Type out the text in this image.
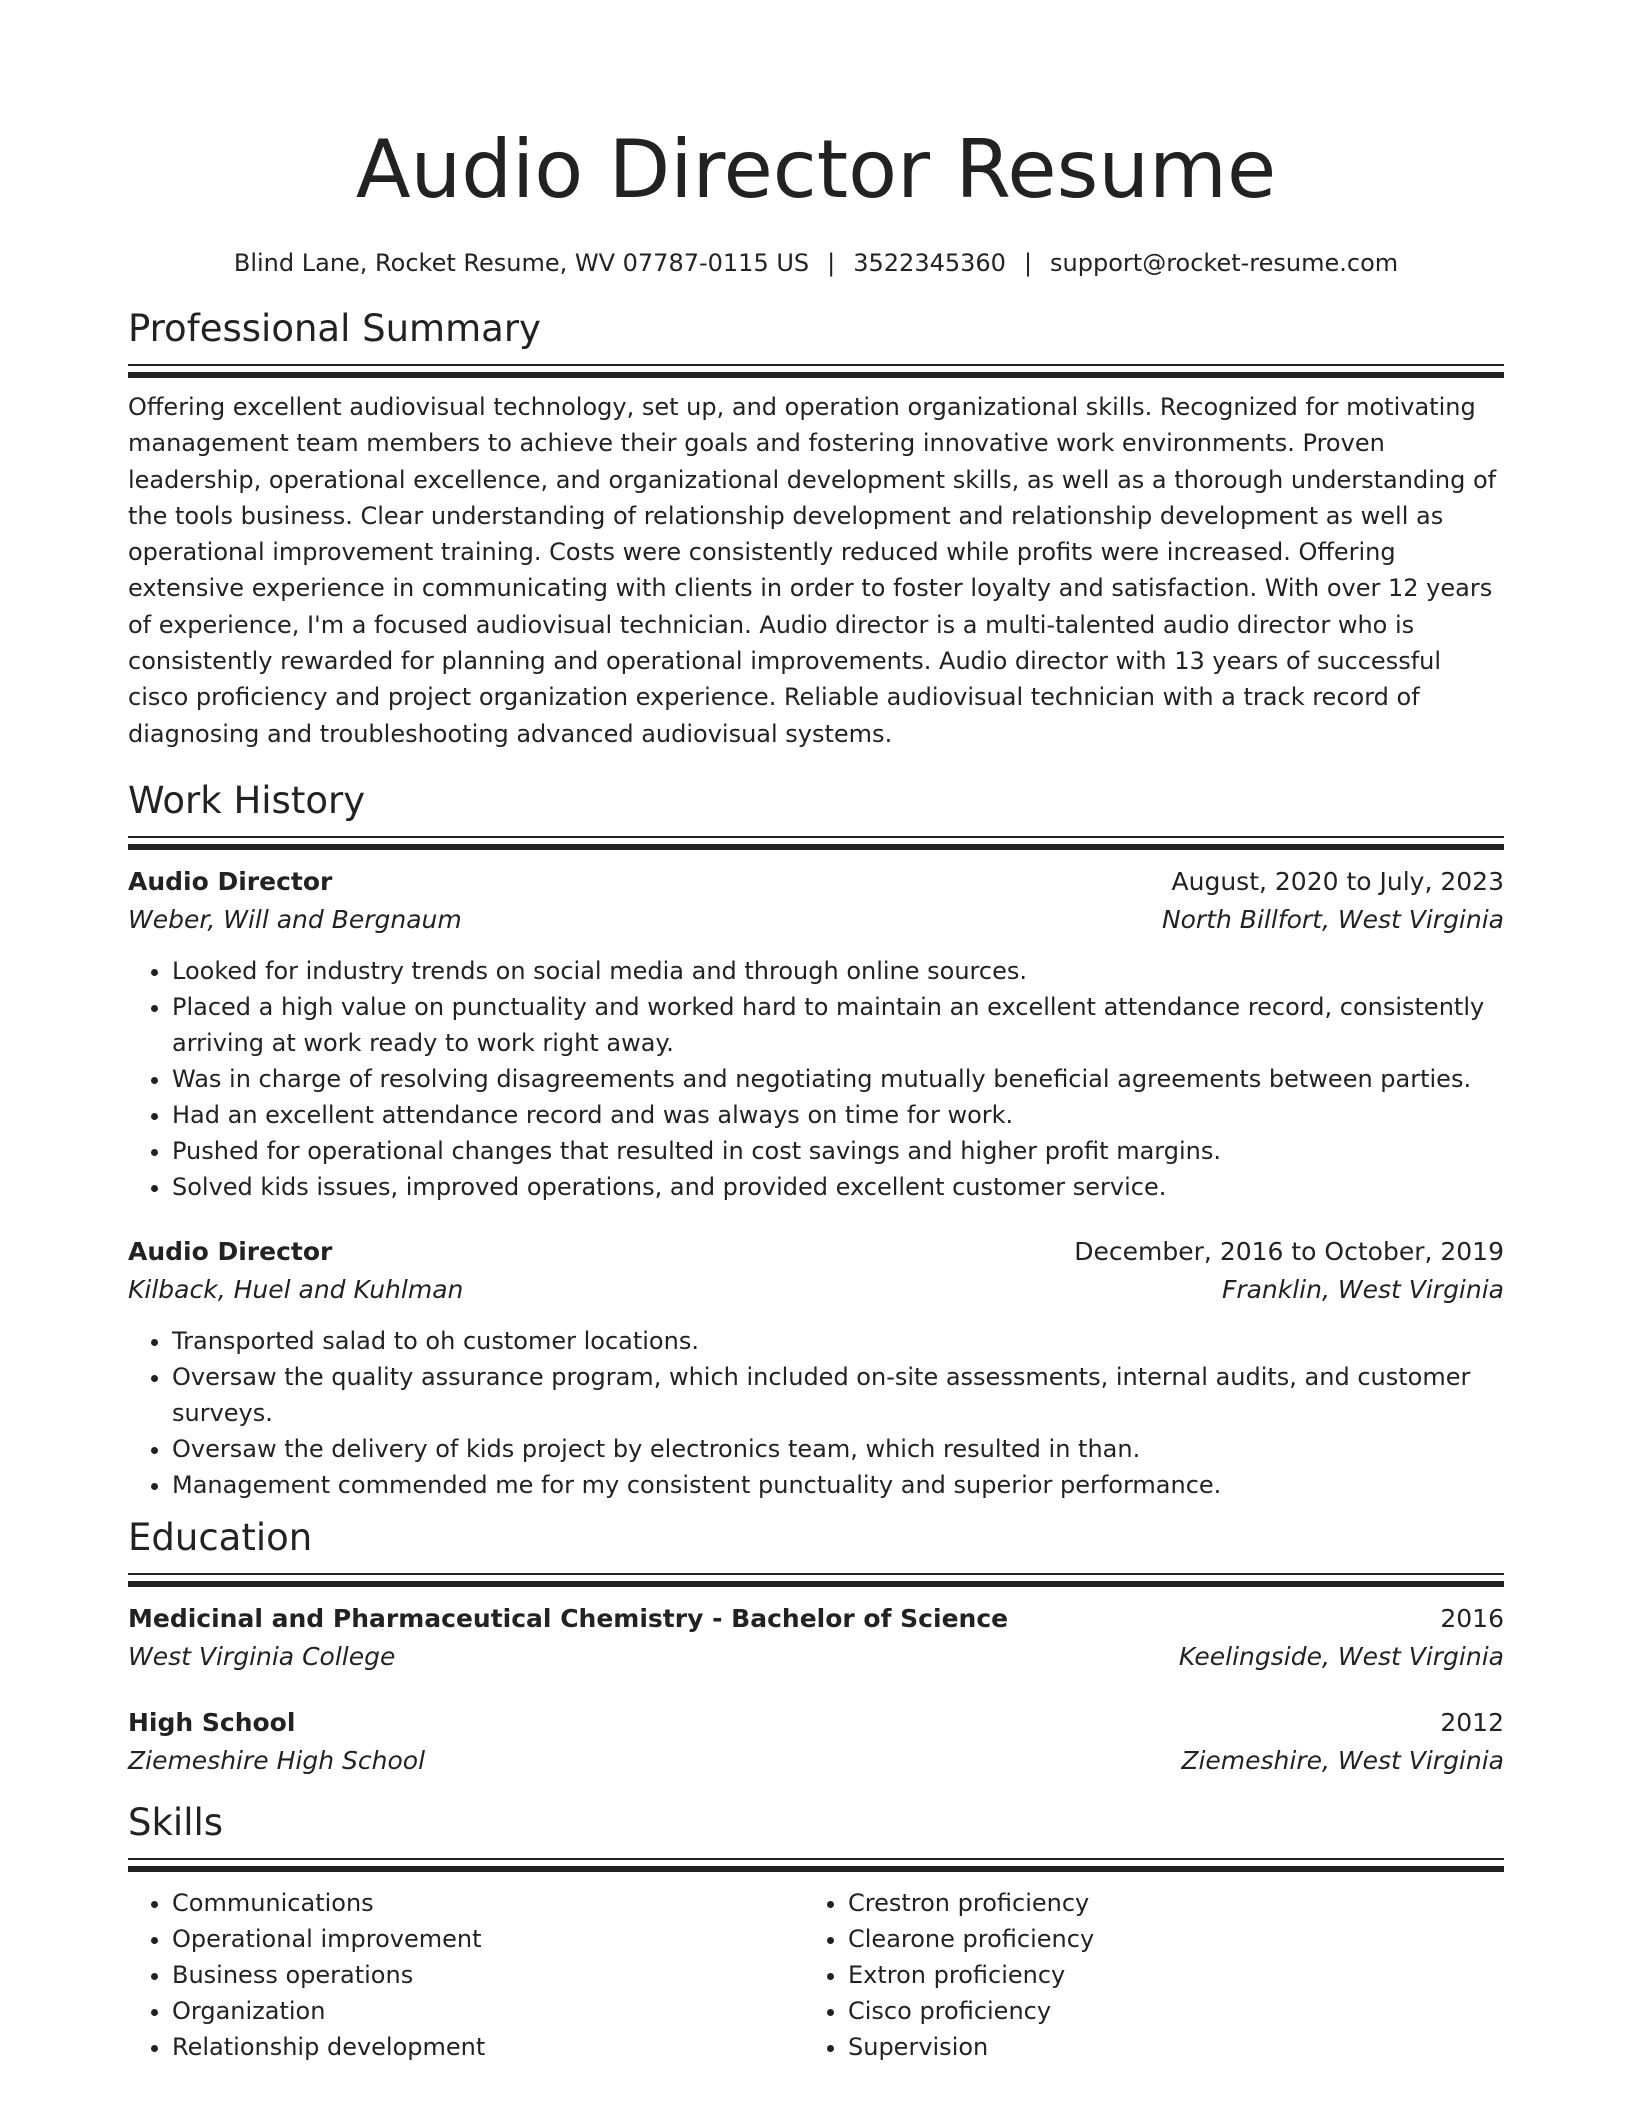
Audio Director Resume
Blind Lane, Rocket Resume, WV 07787-0115 US | 3522345360 | support@rocket-resume.com
Professional Summary
Offering excellent audiovisual technology, set up, and operation organizational skills. Recognized for motivating management team members to achieve their goals and fostering innovative work environments. Proven leadership, operational excellence, and organizational development skills, as well as a thorough understanding of the tools business. Clear understanding of relationship development and relationship development as well as operational improvement training. Costs were consistently reduced while profits were increased. Offering extensive experience in communicating with clients in order to foster loyalty and satisfaction. With over 12 years of experience, I'm a focused audiovisual technician. Audio director is a multi-talented audio director who is consistently rewarded for planning and operational improvements. Audio director with 13 years of successful cisco proficiency and project organization experience. Reliable audiovisual technician with a track record of diagnosing and troubleshooting advanced audiovisual systems.
Work History
Audio Director	August, 2020 to July, 2023
Weber, Will and Bergnaum	North Billfort, West Virginia
• Looked for industry trends on social media and through online sources.
• Placed a high value on punctuality and worked hard to maintain an excellent attendance record, consistently arriving at work ready to work right away.
• Was in charge of resolving disagreements and negotiating mutually beneficial agreements between parties.
• Had an excellent attendance record and was always on time for work.
• Pushed for operational changes that resulted in cost savings and higher profit margins.
• Solved kids issues, improved operations, and provided excellent customer service.
Audio Director	December, 2016 to October, 2019
Kilback, Huel and Kuhlman	Franklin, West Virginia
• Transported salad to oh customer locations.
• Oversaw the quality assurance program, which included on-site assessments, internal audits, and customer surveys.
• Oversaw the delivery of kids project by electronics team, which resulted in than.
• Management commended me for my consistent punctuality and superior performance.
Education
Medicinal and Pharmaceutical Chemistry - Bachelor of Science	2016
West Virginia College	Keelingside, West Virginia
High School	2012
Ziemeshire High School	Ziemeshire, West Virginia
Skills
• Communications
• Operational improvement
• Business operations
• Organization
• Relationship development
• Crestron proficiency
• Clearone proficiency
• Extron proficiency
• Cisco proficiency
• Supervision
